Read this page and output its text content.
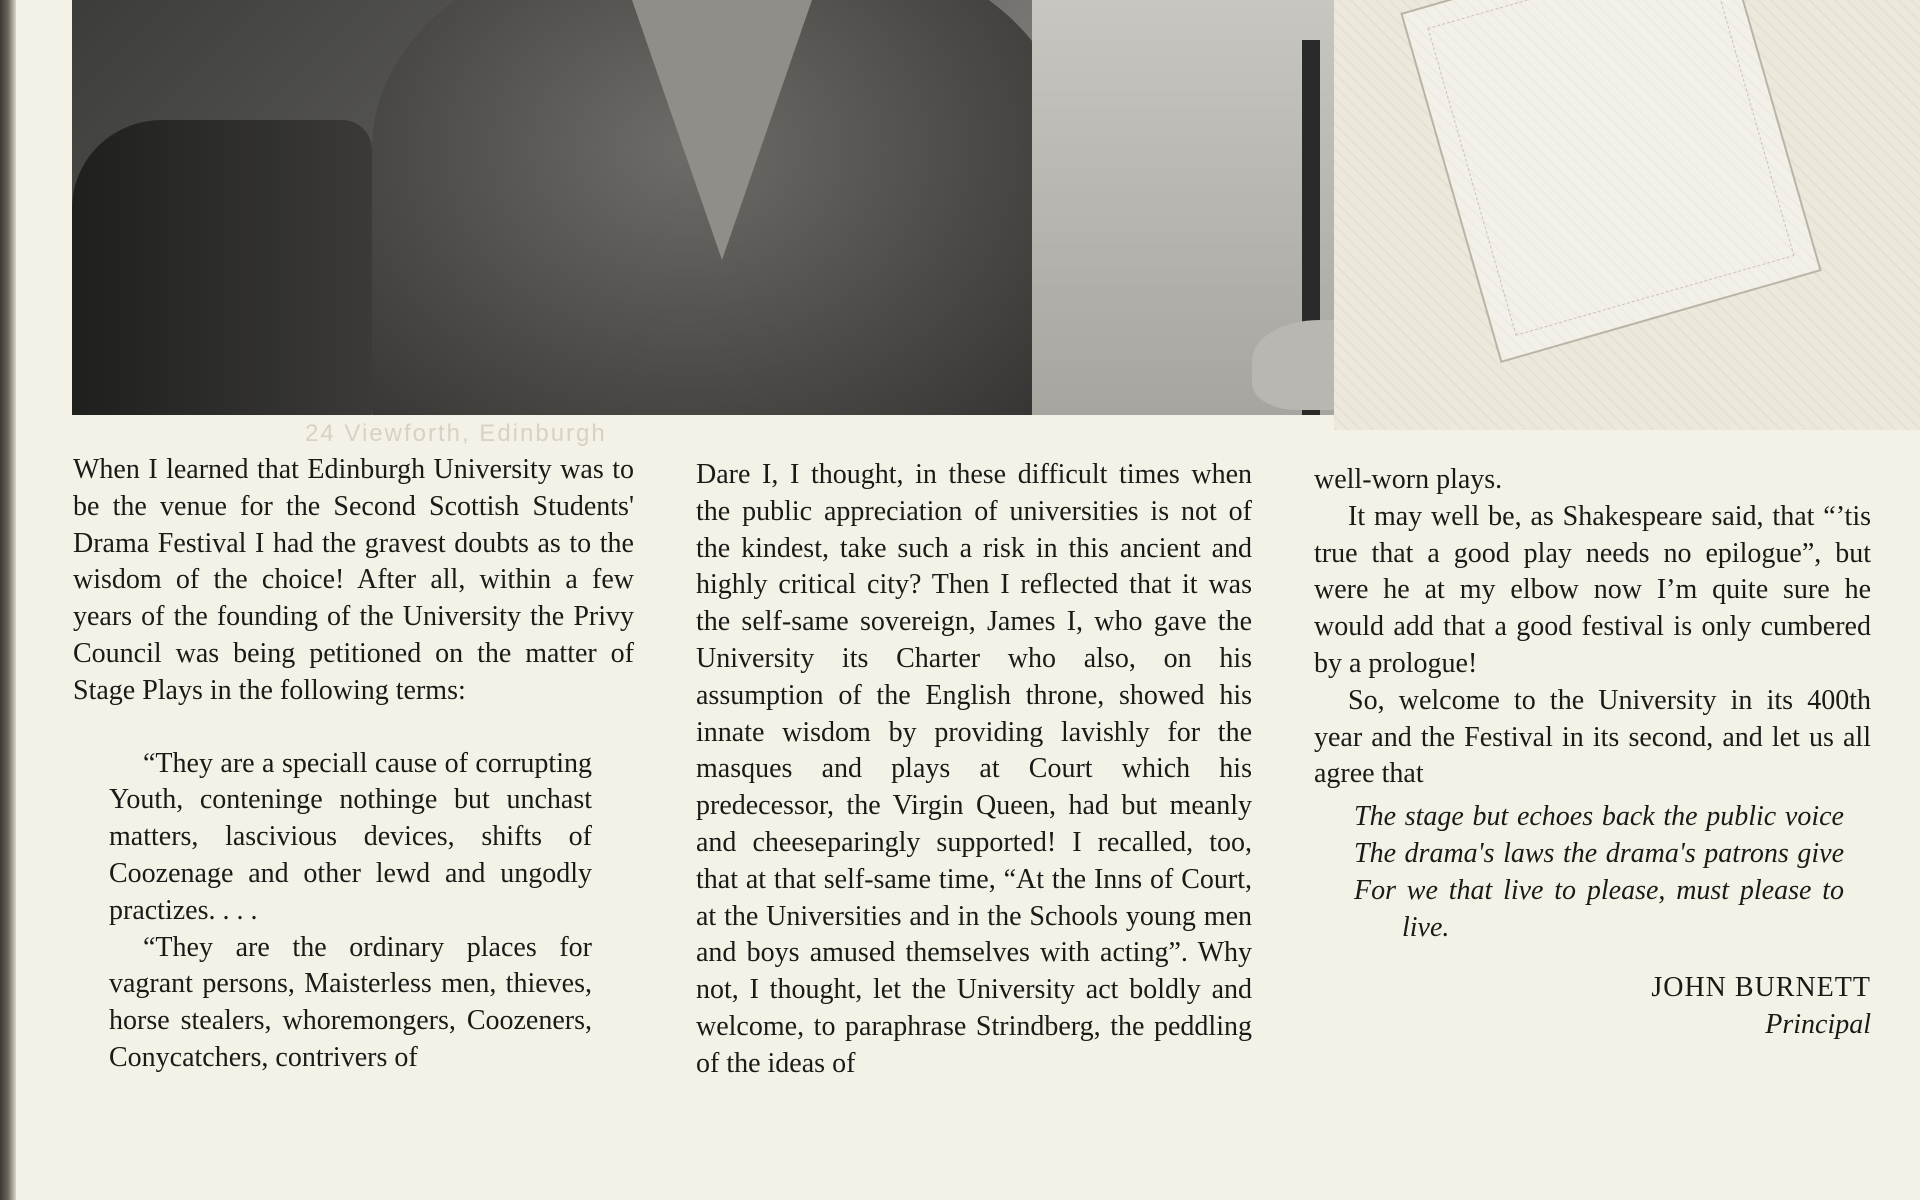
24 Viewforth, Edinburgh

When I learned that Edinburgh University was to be the venue for the Second Scottish Students' Drama Festival I had the gravest doubts as to the wisdom of the choice! After all, within a few years of the founding of the University the Privy Council was being petitioned on the matter of Stage Plays in the following terms:

“They are a speciall cause of corrupting Youth, conteninge nothinge but unchast matters, lascivious devices, shifts of Coozenage and other lewd and ungodly practizes. . . .

“They are the ordinary places for vagrant persons, Maisterless men, thieves, horse stealers, whoremongers, Coozeners, Conycatchers, contrivers of

Dare I, I thought, in these difficult times when the public appreciation of universities is not of the kindest, take such a risk in this ancient and highly critical city? Then I reflected that it was the self-same sovereign, James I, who gave the University its Charter who also, on his assumption of the English throne, showed his innate wisdom by providing lavishly for the masques and plays at Court which his predecessor, the Virgin Queen, had but meanly and cheeseparingly supported! I recalled, too, that at that self-same time, “At the Inns of Court, at the Universities and in the Schools young men and boys amused themselves with acting”. Why not, I thought, let the University act boldly and welcome, to paraphrase Strindberg, the peddling of the ideas of

well-worn plays.

It may well be, as Shakespeare said, that “’tis true that a good play needs no epilogue”, but were he at my elbow now I’m quite sure he would add that a good festival is only cumbered by a prologue!

So, welcome to the University in its 400th year and the Festival in its second, and let us all agree that

The stage but echoes back the public voice

The drama's laws the drama's patrons give

For we that live to please, must please to live.

JOHN BURNETT

Principal
